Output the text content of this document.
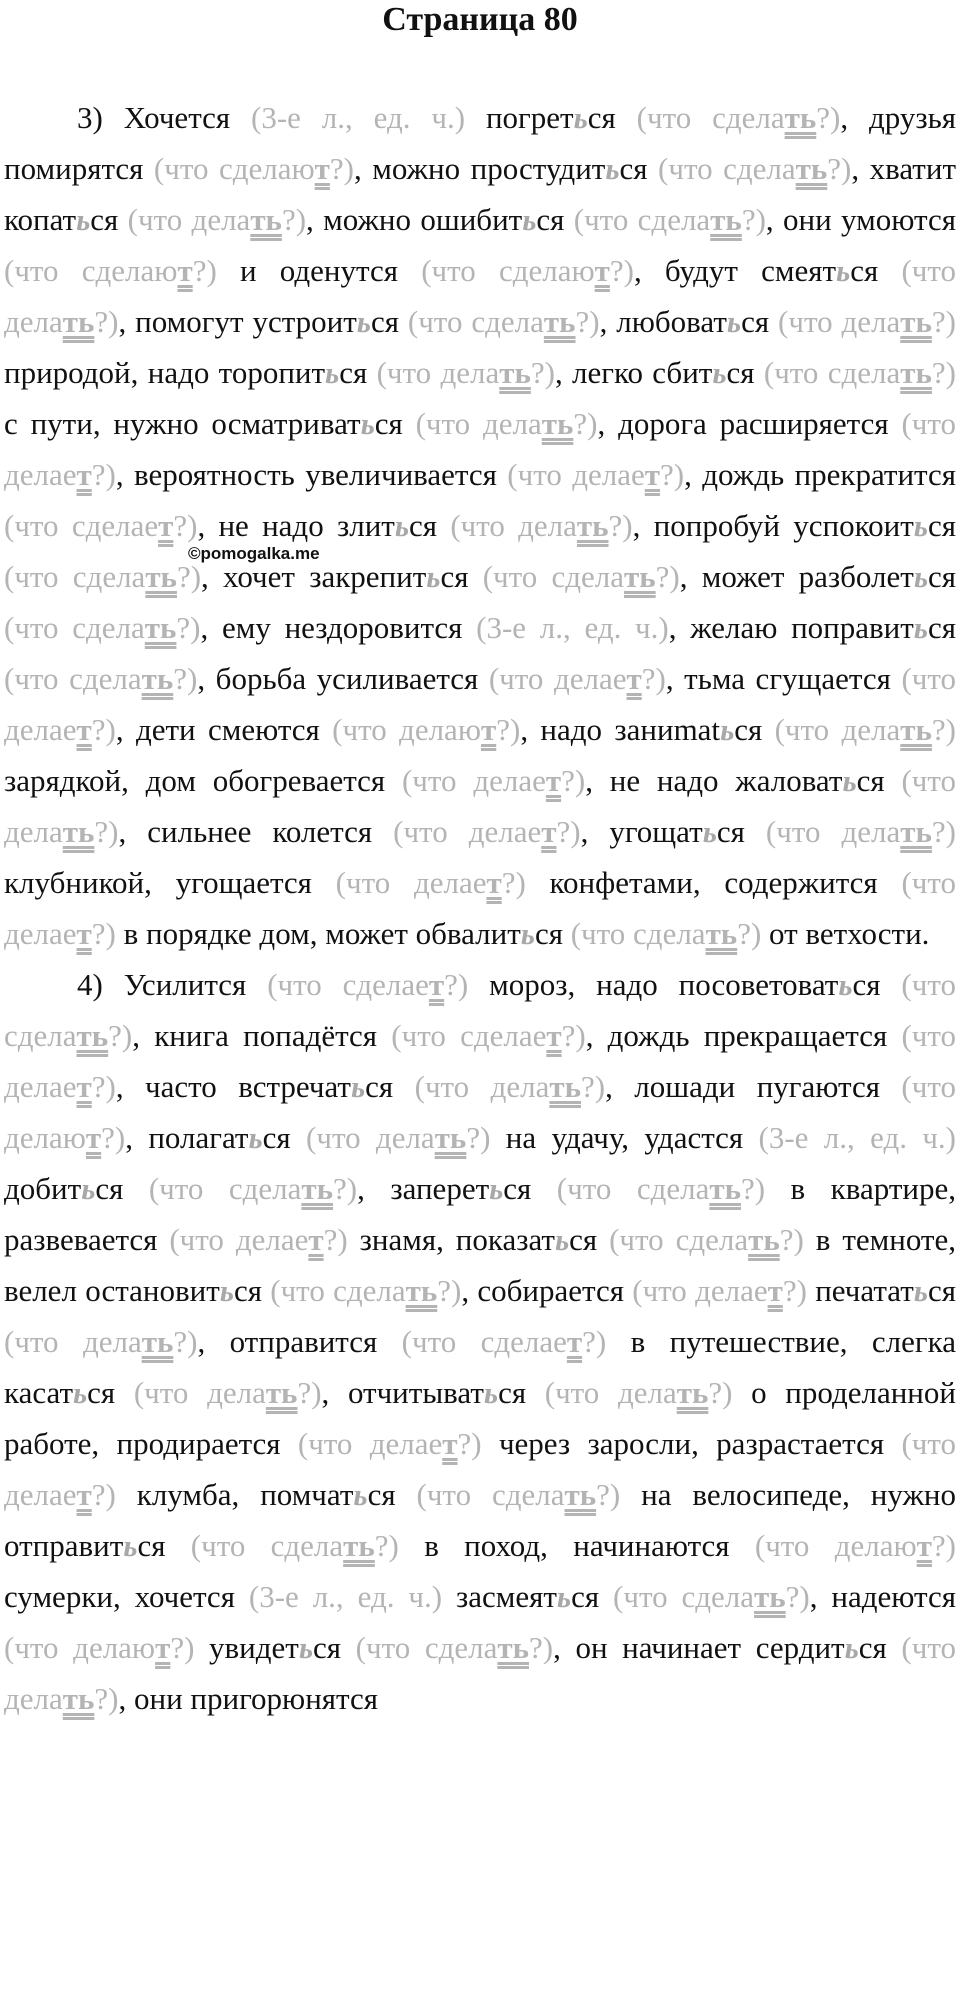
Страница 80
©pomogalka.me

3) Хочется (3-е л., ед. ч.) погреться (что сделать?), друзья помирятся (что сделают?), можно простудиться (что сделать?), хватит копаться (что делать?), можно ошибиться (что сделать?), они умоются (что сделают?) и оденутся (что сделают?), будут смеяться (что делать?), помогут устроиться (что сделать?), любоваться (что делать?) природой, надо торопиться (что делать?), легко сбиться (что сделать?) с пути, нужно осматриваться (что делать?), дорога расширяется (что делает?), вероятность увеличивается (что делает?), дождь прекратится (что сделает?), не надо злиться (что делать?), попробуй успокоиться (что сделать?), хочет закрепиться (что сделать?), может разболеться (что сделать?), ему нездоровится (3-е л., ед. ч.), желаю поправиться (что сделать?), борьба усиливается (что делает?), тьма сгущается (что делает?), дети смеются (что делают?), надо заниmatься (что делать?) зарядкой, дом обогревается (что делает?), не надо жаловаться (что делать?), сильнее колется (что делает?), угощаться (что делать?) клубникой, угощается (что делает?) конфетами, содержится (что делает?) в порядке дом, может обвалиться (что сделать?) от ветхости.

4) Усилится (что сделает?) мороз, надо посоветоваться (что сделать?), книга попадётся (что сделает?), дождь прекращается (что делает?), часто встречаться (что делать?), лошади пугаются (что делают?), полагаться (что делать?) на удачу, удастся (3-е л., ед. ч.) добиться (что сделать?), запереться (что сделать?) в квартире, развевается (что делает?) знамя, показаться (что сделать?) в темноте, велел остановиться (что сделать?), собирается (что делает?) печататься (что делать?), отправится (что сделает?) в путешествие, слегка касаться (что делать?), отчитываться (что делать?) о проделанной работе, продирается (что делает?) через заросли, разрастается (что делает?) клумба, помчаться (что сделать?) на велосипеде, нужно отправиться (что сделать?) в поход, начинаются (что делают?) сумерки, хочется (3-е л., ед. ч.) засмеяться (что сделать?), надеются (что делают?) увидеться (что сделать?), он начинает сердиться (что делать?), они пригорюнятся
